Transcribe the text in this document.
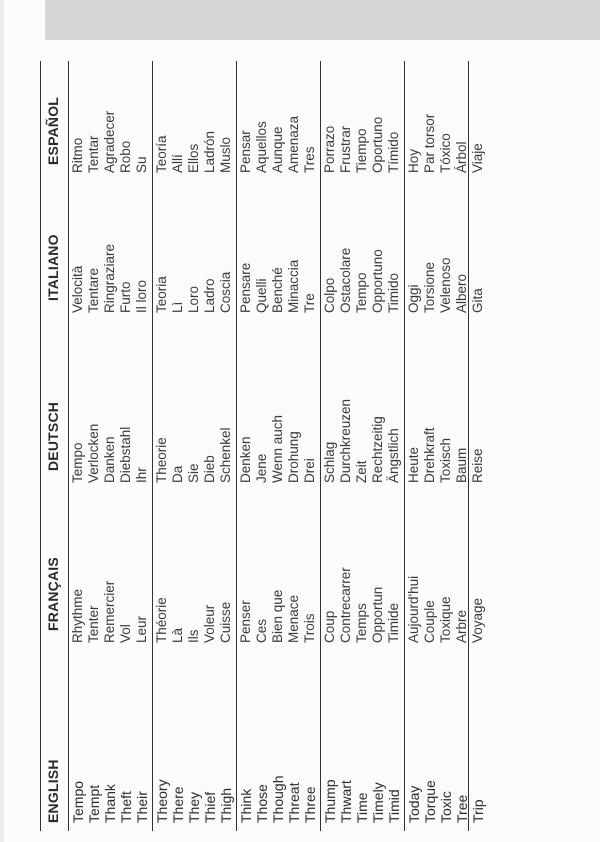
ENGLISH Tempo Tempt Thank Theft Their Theory There They Thief Thigh Think Those Though Threat Three Thump Thwart Time Timely Timid Today Torque Toxic Tree Trip
FRANÇAIS Rhythme Tenter Remercier Vol Leur Théorie Là Ils Voleur Cuisse Penser Ces Bien que Menace Trois Coup Contrecarrer Temps Opportun Timide Aujourd'hui Couple Toxique Arbre Voyage
DEUTSCH Tempo Verlocken Danken Diebstahl Ihr Theorie Da Sie Dieb Schenkel Denken Jene Wenn auch Drohung Drei Schlag Durchkreuzen Zeit Rechtzeitig Ängstlich Heute Drehkraft Toxisch Baum Reise
ITALIANO Velocità Tentare Ringraziare Furto Il loro Teoria Lì Loro Ladro Coscia Pensare Quelli Benché Minaccia Tre Colpo Ostacolare Tempo Opportuno Timido Oggi Torsione Velenoso Albero Gita
ESPAÑOL Ritmo Tentar Agradecer Robo Su Teoría Allí Ellos Ladrón Muslo Pensar Aquellos Aunque Amenaza Tres Porrazo Frustrar Tiempo Oportuno Tímido Hoy Par torsor Tóxico Árbol Viaje
